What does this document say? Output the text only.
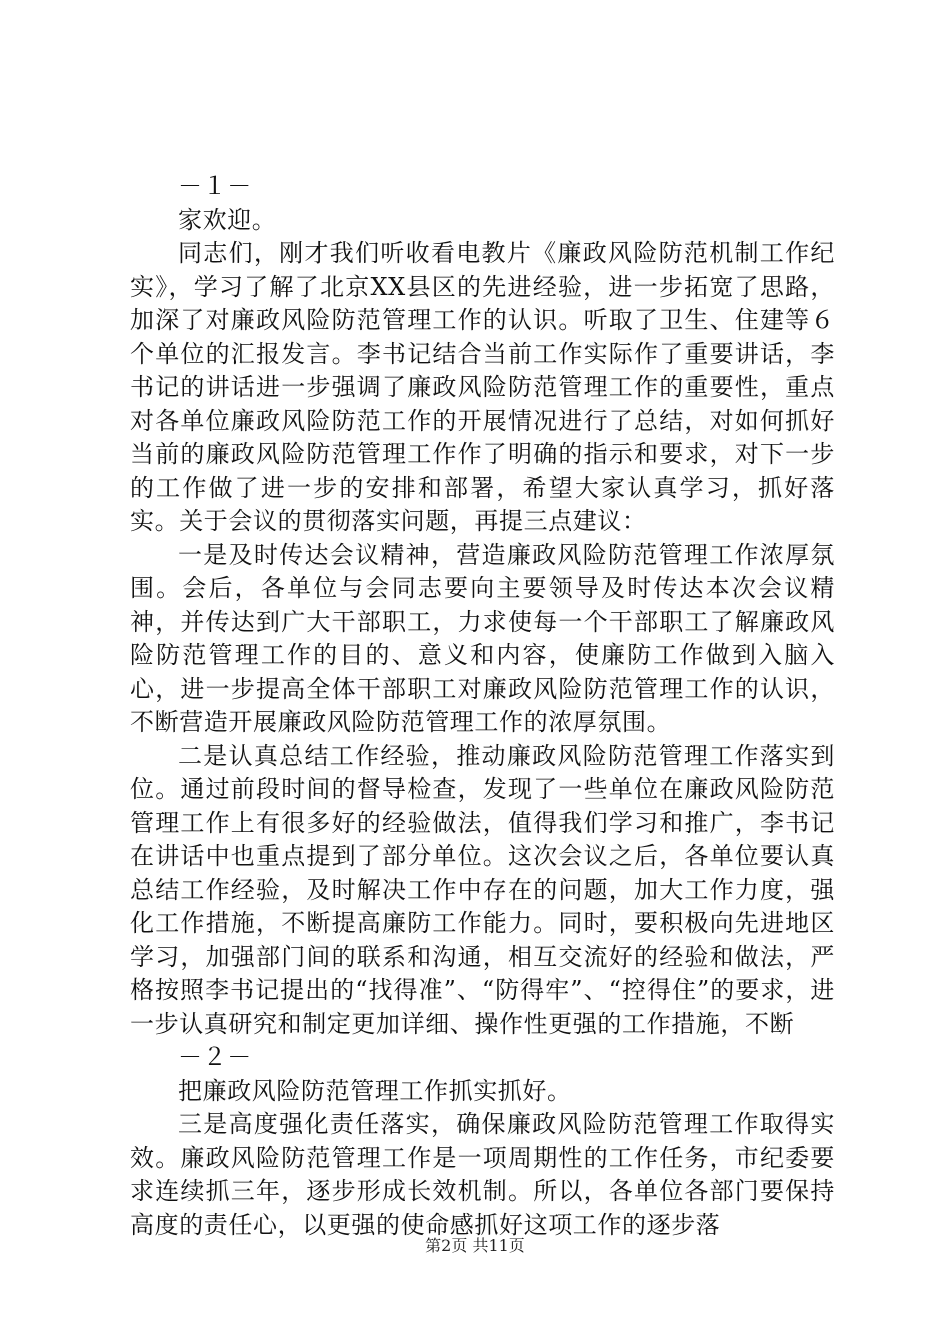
－１－

家欢迎。

同志们，刚才我们听收看电教片《廉政风险防范机制工作纪实》，学习了解了北京XX县区的先进经验，进一步拓宽了思路，加深了对廉政风险防范管理工作的认识。听取了卫生、住建等６个单位的汇报发言。李书记结合当前工作实际作了重要讲话，李书记的讲话进一步强调了廉政风险防范管理工作的重要性，重点对各单位廉政风险防范工作的开展情况进行了总结，对如何抓好当前的廉政风险防范管理工作作了明确的指示和要求，对下一步的工作做了进一步的安排和部署，希望大家认真学习，抓好落实。关于会议的贯彻落实问题，再提三点建议：

一是及时传达会议精神，营造廉政风险防范管理工作浓厚氛围。会后，各单位与会同志要向主要领导及时传达本次会议精神，并传达到广大干部职工，力求使每一个干部职工了解廉政风险防范管理工作的目的、意义和内容，使廉防工作做到入脑入心，进一步提高全体干部职工对廉政风险防范管理工作的认识，不断营造开展廉政风险防范管理工作的浓厚氛围。

二是认真总结工作经验，推动廉政风险防范管理工作落实到位。通过前段时间的督导检查，发现了一些单位在廉政风险防范管理工作上有很多好的经验做法，值得我们学习和推广，李书记在讲话中也重点提到了部分单位。这次会议之后，各单位要认真总结工作经验，及时解决工作中存在的问题，加大工作力度，强化工作措施，不断提高廉防工作能力。同时，要积极向先进地区学习，加强部门间的联系和沟通，相互交流好的经验和做法，严格按照李书记提出的“找得准”、“防得牢”、“控得住”的要求，进一步认真研究和制定更加详细、操作性更强的工作措施，不断

－２－

把廉政风险防范管理工作抓实抓好。

三是高度强化责任落实，确保廉政风险防范管理工作取得实效。廉政风险防范管理工作是一项周期性的工作任务，市纪委要求连续抓三年，逐步形成长效机制。所以，各单位各部门要保持高度的责任心，以更强的使命感抓好这项工作的逐步落

第2页 共11页
